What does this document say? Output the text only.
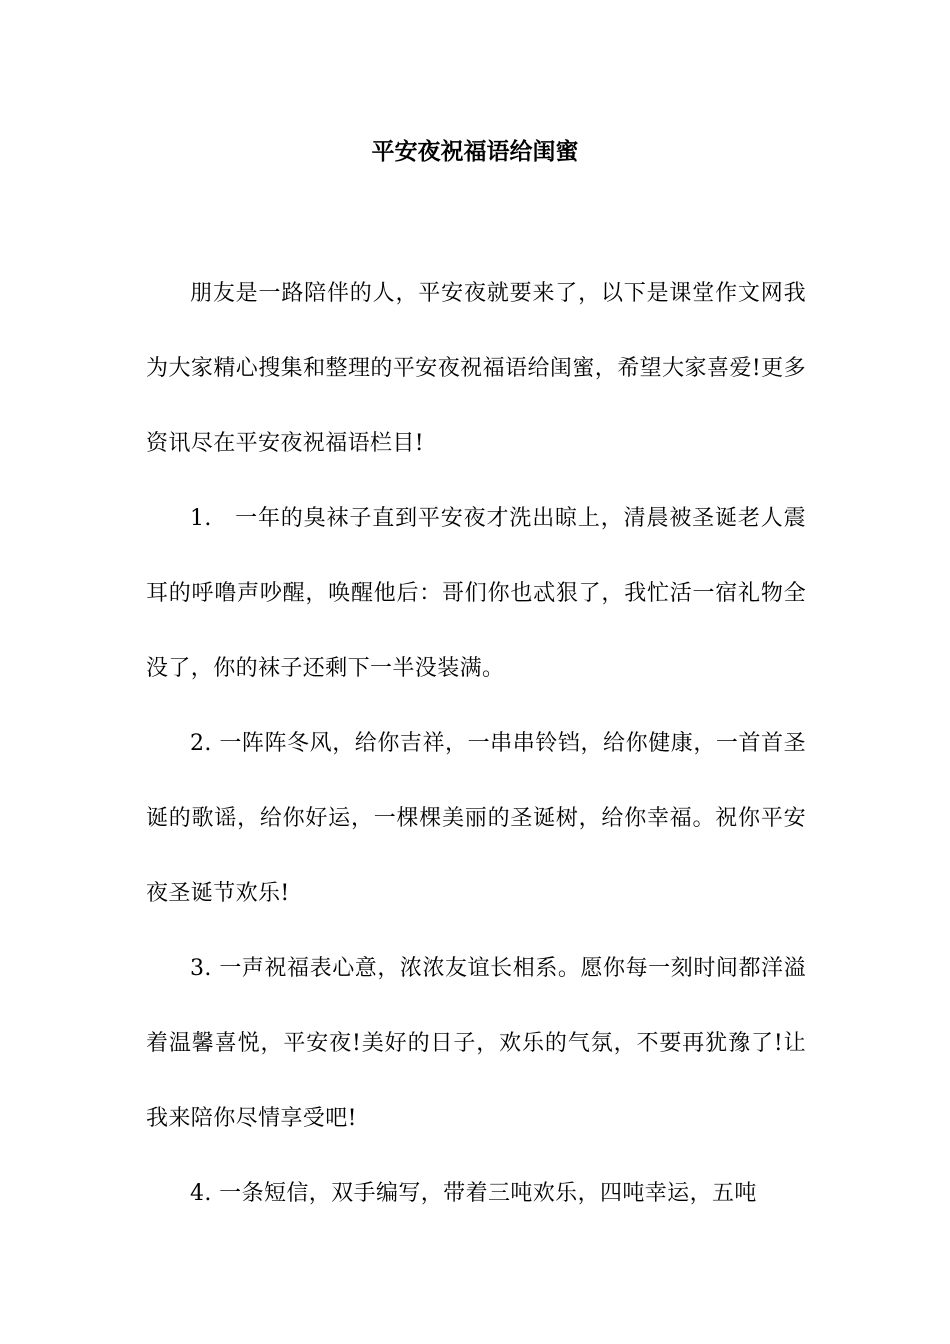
平安夜祝福语给闺蜜

朋友是一路陪伴的人，平安夜就要来了，以下是课堂作文网我为大家精心搜集和整理的平安夜祝福语给闺蜜，希望大家喜爱!更多资讯尽在平安夜祝福语栏目!

1.　一年的臭袜子直到平安夜才洗出晾上，清晨被圣诞老人震耳的呼噜声吵醒，唤醒他后：哥们你也忒狠了，我忙活一宿礼物全没了，你的袜子还剩下一半没装满。

2. 一阵阵冬风，给你吉祥，一串串铃铛，给你健康，一首首圣诞的歌谣，给你好运，一棵棵美丽的圣诞树，给你幸福。祝你平安夜圣诞节欢乐!

3. 一声祝福表心意，浓浓友谊长相系。愿你每一刻时间都洋溢着温馨喜悦，平安夜!美好的日子，欢乐的气氛，不要再犹豫了!让我来陪你尽情享受吧!

4. 一条短信，双手编写，带着三吨欢乐，四吨幸运，五吨
